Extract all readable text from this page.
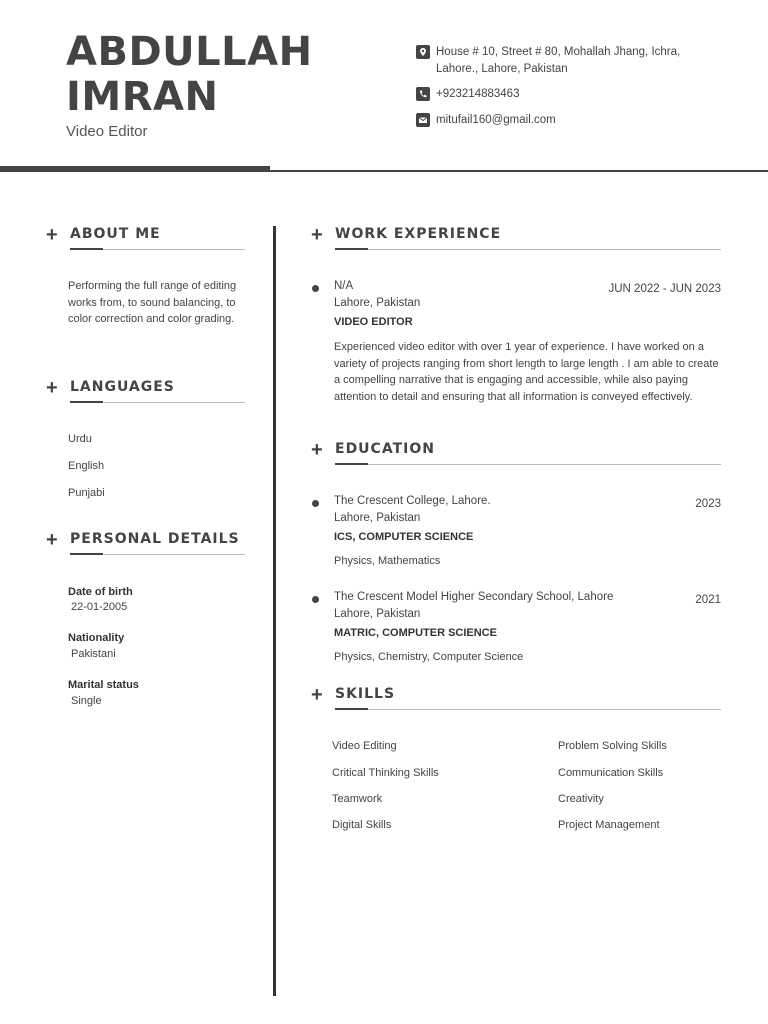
ABDULLAH
IMRAN
Video Editor
House # 10, Street # 80, Mohallah Jhang, Ichra, Lahore., Lahore, Pakistan
+923214883463
mitufail160@gmail.com
+ ABOUT ME
Performing the full range of editing works from, to sound balancing, to color correction and color grading.
+ LANGUAGES
Urdu
English
Punjabi
+ PERSONAL DETAILS
Date of birth
22-01-2005
Nationality
Pakistani
Marital status
Single
+ WORK EXPERIENCE
N/A	JUN 2022 - JUN 2023
Lahore, Pakistan
VIDEO EDITOR
Experienced video editor with over 1 year of experience. I have worked on a variety of projects ranging from short length to large length . I am able to create a compelling narrative that is engaging and accessible, while also paying attention to detail and ensuring that all information is conveyed effectively.
+ EDUCATION
The Crescent College, Lahore.	2023
Lahore, Pakistan
ICS, COMPUTER SCIENCE
Physics, Mathematics
The Crescent Model Higher Secondary School, Lahore	2021
Lahore, Pakistan
MATRIC, COMPUTER SCIENCE
Physics, Chemistry, Computer Science
+ SKILLS
Video Editing
Critical Thinking Skills
Teamwork
Digital Skills
Problem Solving Skills
Communication Skills
Creativity
Project Management
